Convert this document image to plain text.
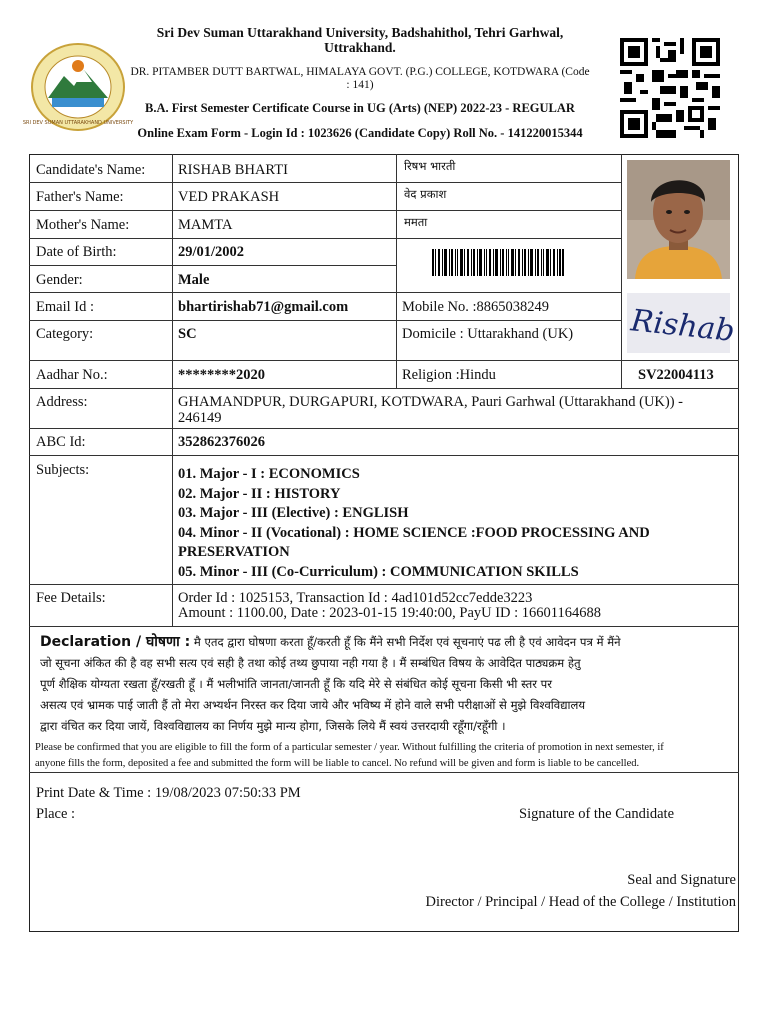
SRI DEV SUMAN UTTARAKHAND UNIVERSITY
Sri Dev Suman Uttarakhand University, Badshahithol, Tehri Garhwal, Uttrakhand.
DR. PITAMBER DUTT BARTWAL, HIMALAYA GOVT. (P.G.) COLLEGE, KOTDWARA (Code : 141)
B.A. First Semester Certificate Course in UG (Arts) (NEP) 2022-23 - REGULAR
Online Exam Form - Login Id : 1023626 (Candidate Copy) Roll No. - 141220015344
Candidate's Name: RISHAB BHARTI	रिषभ भारती
Father's Name:	VED PRAKASH	वेद प्रकाश
Mother's Name:	MAMTA	ममता
Date of Birth:	29/01/2002
Gender:	Male
Email Id :	bhartirishab71@gmail.com	Mobile No. :8865038249
Category:	SC	Domicile : Uttarakhand (UK) Rishab
Aadhar No.:	********2020	Religion :Hindu	SV22004113
Address:	GHAMANDPUR, DURGAPURI, KOTDWARA, Pauri Garhwal (Uttarakhand (UK)) -
246149
ABC Id:	352862376026
Subjects:	01. Major - I : ECONOMICS
02. Major - II : HISTORY
03. Major - III (Elective) : ENGLISH
04. Minor - II (Vocational) : HOME SCIENCE :FOOD PROCESSING AND
PRESERVATION
05. Minor - III (Co-Curriculum) : COMMUNICATION SKILLS
Fee Details:	Order Id : 1025153, Transaction Id : 4ad101d52cc7edde3223
Amount : 1100.00, Date : 2023-01-15 19:40:00, PayU ID : 16601164688
Declaration / घोषणा : मै एतद द्वारा घोषणा करता हूँ/करती हूँ कि मैंने सभी निर्देश एवं सूचनाएं पढ ली है एवं आवेदन पत्र में मैंने
जो सूचना अंकित की है वह सभी सत्य एवं सही है तथा कोई तथ्य छुपाया नही गया है । मैं सम्बंधित विषय के आवेदित पाठ्यक्रम हेतु
पूर्ण शैक्षिक योग्यता रखता हूँ/रखती हूँ । मैं भलीभांति जानता/जानती हूँ कि यदि मेरे से संबंधित कोई सूचना किसी भी स्तर पर
असत्य एवं भ्रामक पाई जाती हैं तो मेरा अभ्यर्थन निरस्त कर दिया जाये और भविष्य में होने वाले सभी परीक्षाओं से मुझे विश्वविद्यालय
द्वारा वंचित कर दिया जायें, विश्वविद्यालय का निर्णय मुझे मान्य होगा, जिसके लिये मैं स्वयं उत्तरदायी रहूँगा/रहूँगी ।
Please be confirmed that you are eligible to fill the form of a particular semester / year. Without fulfilling the criteria of promotion in next semester, if
anyone fills the form, deposited a fee and submitted the form will be liable to cancel. No refund will be given and form is liable to be cancelled.
Print Date & Time : 19/08/2023 07:50:33 PM
Place :	Signature of the Candidate
Seal and Signature
Director / Principal / Head of the College / Institution
